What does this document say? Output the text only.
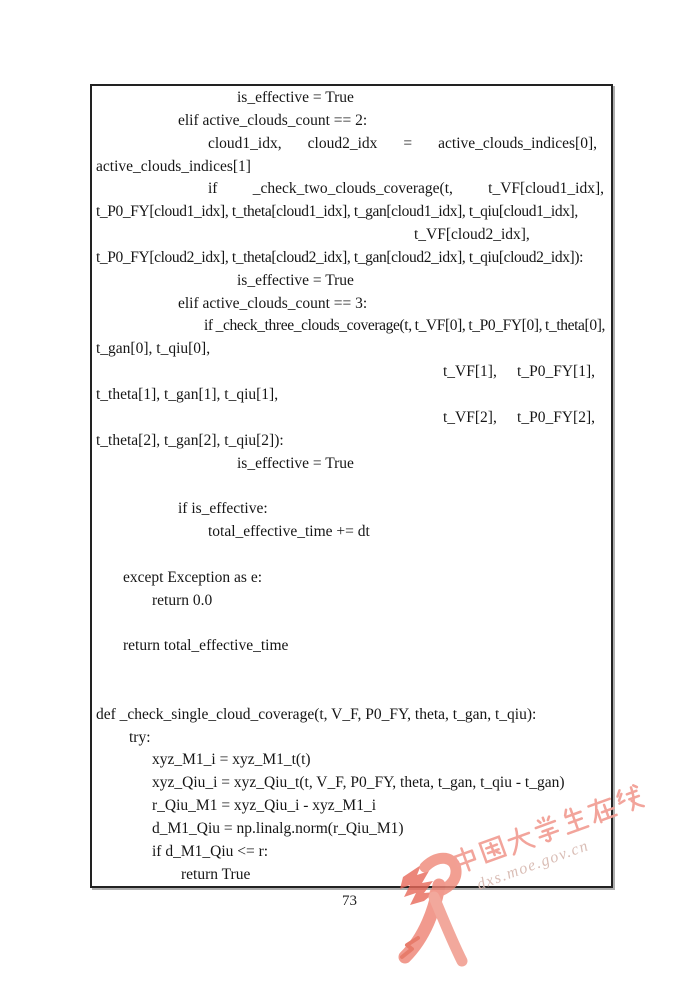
is_effective = True
elif active_clouds_count == 2:
cloud1_idx, cloud2_idx = active_clouds_indices[0],
active_clouds_indices[1]
if _check_two_clouds_coverage(t, t_VF[cloud1_idx],
t_P0_FY[cloud1_idx], t_theta[cloud1_idx], t_gan[cloud1_idx], t_qiu[cloud1_idx],
t_VF[cloud2_idx],
t_P0_FY[cloud2_idx], t_theta[cloud2_idx], t_gan[cloud2_idx], t_qiu[cloud2_idx]):
is_effective = True
elif active_clouds_count == 3:
if _check_three_clouds_coverage(t, t_VF[0], t_P0_FY[0], t_theta[0],
t_gan[0], t_qiu[0],
t_VF[1], t_P0_FY[1],
t_theta[1], t_gan[1], t_qiu[1],
t_VF[2], t_P0_FY[2],
t_theta[2], t_gan[2], t_qiu[2]):
is_effective = True

if is_effective:
total_effective_time += dt

except Exception as e:
return 0.0

return total_effective_time

def _check_single_cloud_coverage(t, V_F, P0_FY, theta, t_gan, t_qiu):
try:
xyz_M1_i = xyz_M1_t(t)
xyz_Qiu_i = xyz_Qiu_t(t, V_F, P0_FY, theta, t_gan, t_qiu - t_gan)
r_Qiu_M1 = xyz_Qiu_i - xyz_M1_i
d_M1_Qiu = np.linalg.norm(r_Qiu_M1)
if d_M1_Qiu <= r:
return True
73
dxs.moe.gov.cn
